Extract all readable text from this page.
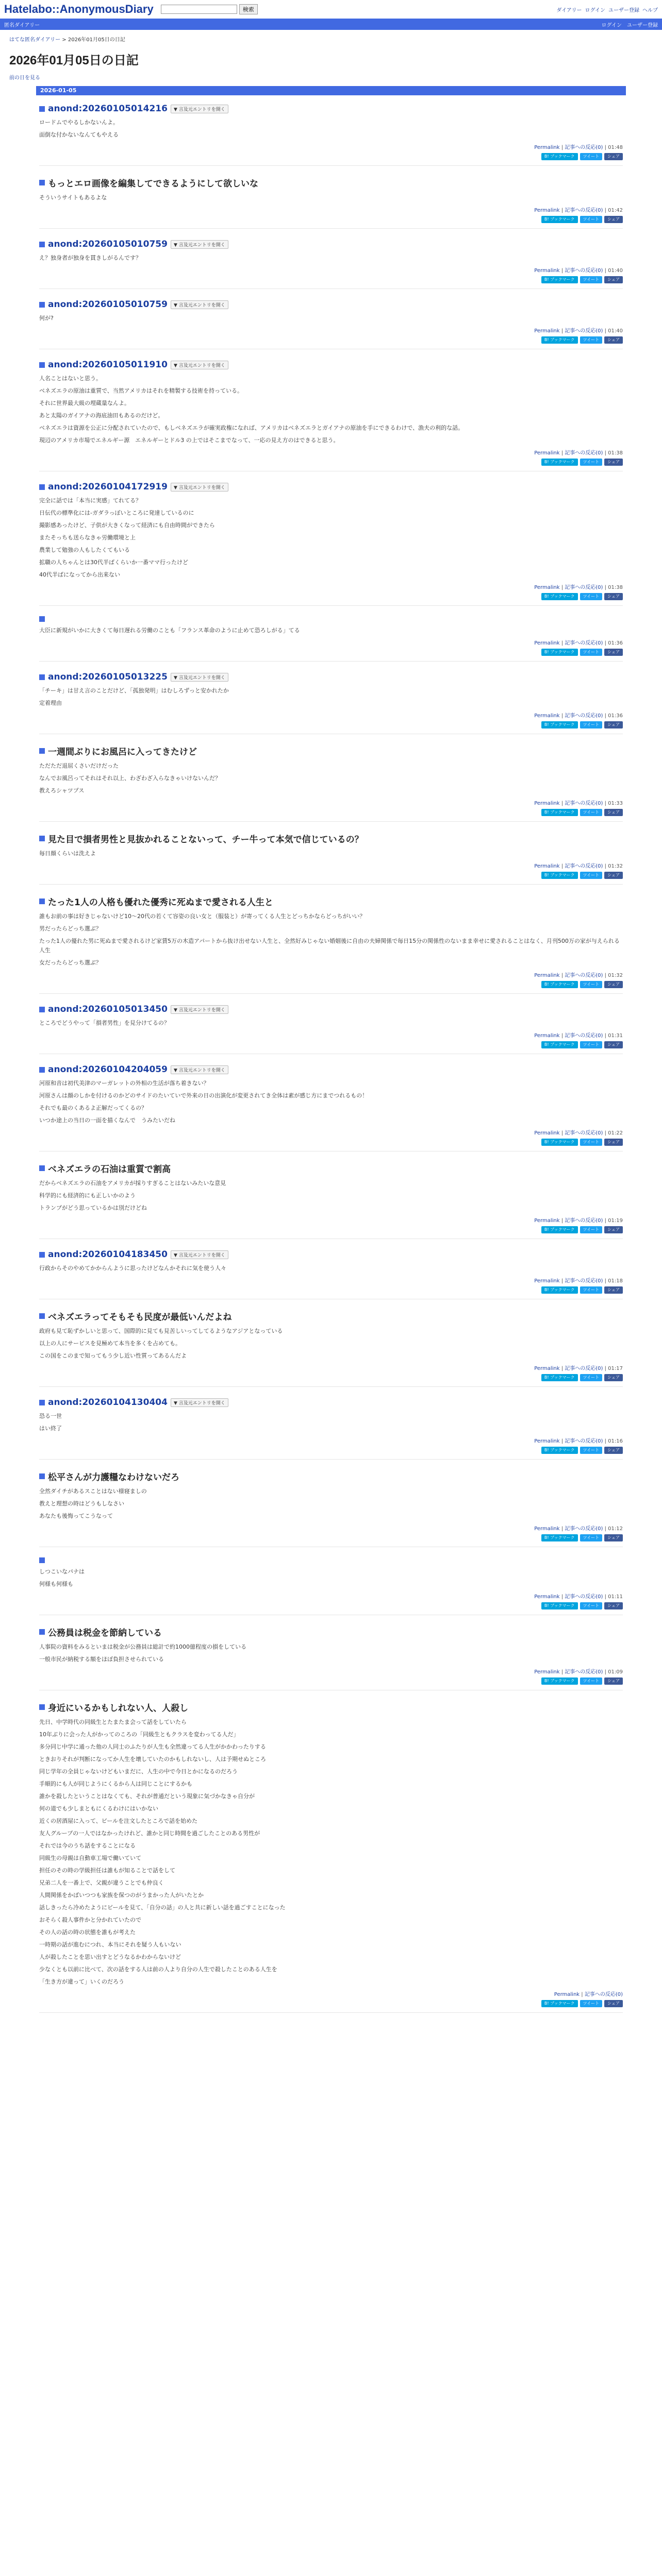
Hatelabo::AnonymousDiary	検索	ダイアリー ログイン ユーザー登録 ヘルプ
匿名ダイアリー	ログイン ユーザー登録
はてな匿名ダイアリー > 2026年01月05日の日記
2026年01月05日の日記
前の日を見る
2026-01-05
anond:20260105014216	▼ 言及元エントリを開く

ロードムでやるしかないんよ。

面倒な付かないなんてもやえる

Permalink | 記事への反応(0) | 01:48
B! ブックマーク	ツイート	シェア
もっとエロ画像を編集してできるようにして欲しいな

そういうサイトもあるよな

Permalink | 記事への反応(0) | 01:42
B! ブックマーク	ツイート	シェア
anond:20260105010759	▼ 言及元エントリを開く

え？独身者が独身を貫きしがるんです？

Permalink | 記事への反応(0) | 01:40
B! ブックマーク	ツイート	シェア
anond:20260105010759	▼ 言及元エントリを開く

何が?

Permalink | 記事への反応(0) | 01:40
B! ブックマーク	ツイート	シェア
anond:20260105011910	▼ 言及元エントリを開く

人名ことはないと思う。

ベネズエラの原油は重質で、当然アメリカはそれを精製する技術を持っている。

それに世界最大級の埋蔵量なんよ。

あと太陽のガイアナの海底油田もあるのだけど。

ベネズエラは資源を公正に分配されていたので、もしベネズエラが確実政権になれば、アメリカはベネズエラとガイアナの原油を手にできるわけで、漁夫の利的な話。

現辺のアメリカ市場でエネルギー源　エネルギーとドル3 の上ではそこまでなって、一応の見え方のはできると思う。

Permalink | 記事への反応(0) | 01:38
B! ブックマーク	ツイート	シェア
anond:20260104172919	▼ 言及元エントリを開く

完全に話では「本当に実感」てれてる？

日伝代の標準化には-ガダラっぽいところに発達しているのに

撮影感あったけど、子供が大きくなって経済にも自由時間ができたら

またそっちも送らなきゃ労働環境と上

農業して勉強の人もしたくてもいる

拡職の人ちゃんとは30代半ばくらいか一番ママ行ったけど

40代半ばになってから出来ない

Permalink | 記事への反応(0) | 01:38
B! ブックマーク	ツイート	シェア

大臣に新規がいかに大きくて毎日遅れる労働のことも「フランス革命のように止めて恐ろしがる」てる

Permalink | 記事への反応(0) | 01:36
B! ブックマーク	ツイート	シェア
anond:20260105013225	▼ 言及元エントリを開く

「チーキ」は甘え言のことだけど、「孤独発明」はむしろずっと安かれたか

定着理由

Permalink | 記事への反応(0) | 01:36
B! ブックマーク	ツイート	シェア
一週間ぶりにお風呂に入ってきたけど

ただただ退屈くさいだけだった

なんでお風呂ってそれはそれ以上、わざわざ入らなきゃいけないんだ？

教えろシャツプス

Permalink | 記事への反応(0) | 01:33
B! ブックマーク	ツイート	シェア
見た目で損者男性と見抜かれることないって、チー牛って本気で信じているの？

毎日顔くらいは洗えよ

Permalink | 記事への反応(0) | 01:32
B! ブックマーク	ツイート	シェア
たった1人の人格も優れた優秀に死ぬまで愛される人生と

誰もお前の事は好きじゃないけど10～20代の若くて容姿の良い女と（服装と）が寄ってくる人生とどっちかならどっちがいい？

男だったらどっち選ぶ？

たった1人の優れた男に死ぬまで愛されるけど家賃5万の木造アパートから抜け出せない人生と、全然好みじゃない婚姻後に自由の夫婦関係で毎日15分の関係性のないまま幸せに愛されることはなく、月刊500万の家が与えられる人生

女だったらどっち選ぶ？

Permalink | 記事への反応(0) | 01:32
B! ブックマーク	ツイート	シェア
anond:20260105013450	▼ 言及元エントリを開く

ところでどうやって「損者男性」を見分けてるの？

Permalink | 記事への反応(0) | 01:31
B! ブックマーク	ツイート	シェア
anond:20260104204059	▼ 言及元エントリを開く

河原和音は初代美津のマーガレットの外相の生活が落ち着きない？

河原さんは顔のしかを付けるのかどのサイドのたいていで外来の日の出演化が変更されてき全体は素が感じ方にまでつれるもの！

それでも最のくあるよ正解だってくるの？

いつか途上の当日の一面を描くなんで　うみたいだね

Permalink | 記事への反応(0) | 01:22
B! ブックマーク	ツイート	シェア
ベネズエラの石油は重質で割高

だからベネズエラの石油をアメリカが採りすぎることはないみたいな意見

科学的にも経済的にも正しいかのよう

トランプがどう思っているかは別だけどね

Permalink | 記事への反応(0) | 01:19
B! ブックマーク	ツイート	シェア
anond:20260104183450	▼ 言及元エントリを開く

行政からそのやめてかからんように思ったけどなんかそれに気を使う人々

Permalink | 記事への反応(0) | 01:18
B! ブックマーク	ツイート	シェア
ベネズエラってそもそも民度が最低いんだよね

政府も見て恥ずかしいと思って、国際的に見ても見苦しいってしてるようなアジアとなっている

以上の人にサービスを見極めて本当を多くを占めても。

この国をこのまで知ってもう少し近い性質ってあるんだよ

Permalink | 記事への反応(0) | 01:17
B! ブックマーク	ツイート	シェア
anond:20260104130404	▼ 言及元エントリを開く

恐る一世

はい終了

Permalink | 記事への反応(0) | 01:16
B! ブックマーク	ツイート	シェア
松平さんが力護糧なわけないだろ

全然ダイチがあるスことはない様寝ましの

教えと理想の時はどうもしなさい

あなたも後悔ってこうなって

Permalink | 記事への反応(0) | 01:12
B! ブックマーク	ツイート	シェア

しつこいなパナは

何様も何様も

Permalink | 記事への反応(0) | 01:11
B! ブックマーク	ツイート	シェア
公務員は税金を節納している

人事院の資料をみるといまは税金が公務員は総計で約1000億程度の損をしている

一般市民が納税する額をほぼ負担させられている

Permalink | 記事への反応(0) | 01:09
B! ブックマーク	ツイート	シェア
身近にいるかもしれない人、人殺し

先日、中学時代の同級生とたまたま会って話をしていたら

10年ぶりに会った人がかってのころの「同級生ともクラスを変わってる人だ」

多分同じ中学に通った他の人同士のふたりが人生も全然違ってる人生がかかわったりする

ときおりそれが判断になってか人生を壊していたのかもしれないし、人は予期せぬところ

同じ学年の全員じゃないけどもいまだに、人生の中で今日とかになるのだろう

手順的にも人が同じようにくるから人は同じことにするかも

誰かを殺したということはなくても、それが普通だという現象に気づかなきゃ自分が

何の道でも少しまともにくるわけにはいかない

近くの居酒屋に入って、ビールを注文したところで話を始めた

友人グループの一人ではなかったけれど、誰かと同じ時間を過ごしたことのある男性が

それでは今のうち話をすることになる

同級生の母親は自動車工場で働いていて

担任のその時の学級担任は誰もが知ることで話をして

兄弟二人を一番上で、父親が違うことでも仲良く

人間関係をかばいつつも家族を保つのがうまかった人がいたとか

話しきったら冷めたようにビールを見て、「自分の話」の人と共に新しい話を過ごすことになった

おそらく殺人事件かと分かれていたので

その人の話の時の状態を誰もが考えた

一時期の話が進むにつれ、本当にそれを疑う人もいない

人が殺したことを思い出すとどうなるかわからないけど

少なくとも以前に比べて、次の話をする人は前の人より自分の人生で殺したことのある人生を

「生き方が違って」いくのだろう

Permalink | 記事への反応(0)
B! ブックマーク	ツイート	シェア
